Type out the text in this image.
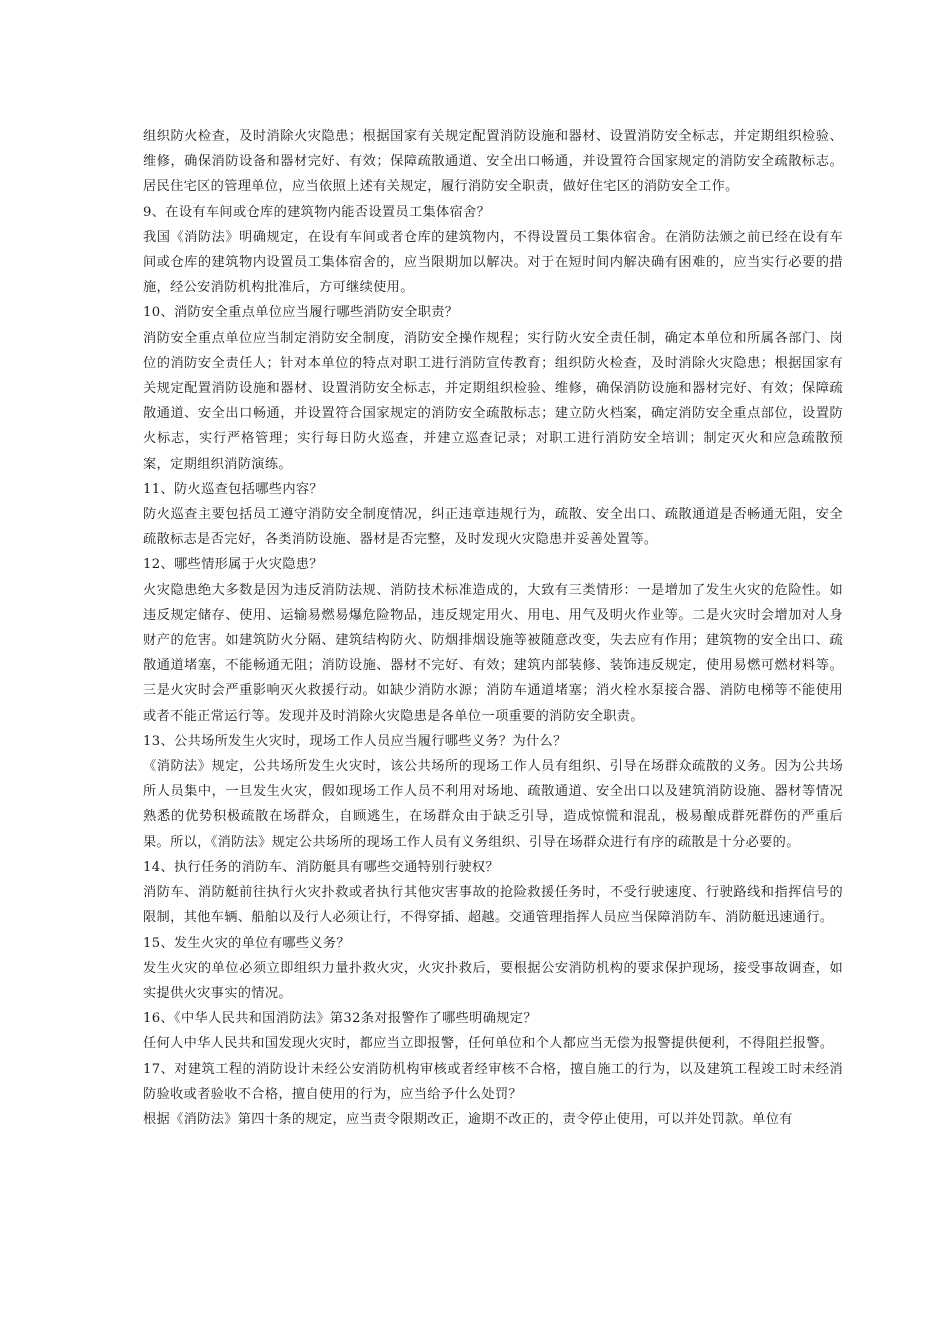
组织防火检查，及时消除火灾隐患；根据国家有关规定配置消防设施和器材、设置消防安全标志，并定期组织检验、维修，确保消防设备和器材完好、有效；保障疏散通道、安全出口畅通，并设置符合国家规定的消防安全疏散标志。居民住宅区的管理单位，应当依照上述有关规定，履行消防安全职责，做好住宅区的消防安全工作。

9、在设有车间或仓库的建筑物内能否设置员工集体宿舍？

我国《消防法》明确规定，在设有车间或者仓库的建筑物内，不得设置员工集体宿舍。在消防法颁之前已经在设有车间或仓库的建筑物内设置员工集体宿舍的，应当限期加以解决。对于在短时间内解决确有困难的，应当实行必要的措施，经公安消防机构批准后，方可继续使用。

10、消防安全重点单位应当履行哪些消防安全职责？

消防安全重点单位应当制定消防安全制度，消防安全操作规程；实行防火安全责任制，确定本单位和所属各部门、岗位的消防安全责任人；针对本单位的特点对职工进行消防宣传教育；组织防火检查，及时消除火灾隐患；根据国家有关规定配置消防设施和器材、设置消防安全标志，并定期组织检验、维修，确保消防设施和器材完好、有效；保障疏散通道、安全出口畅通，并设置符合国家规定的消防安全疏散标志；建立防火档案，确定消防安全重点部位，设置防火标志，实行严格管理；实行每日防火巡查，并建立巡查记录；对职工进行消防安全培训；制定灭火和应急疏散预案，定期组织消防演练。

11、防火巡查包括哪些内容？

防火巡查主要包括员工遵守消防安全制度情况，纠正违章违规行为，疏散、安全出口、疏散通道是否畅通无阻，安全疏散标志是否完好，各类消防设施、器材是否完整，及时发现火灾隐患并妥善处置等。

12、哪些情形属于火灾隐患？

火灾隐患绝大多数是因为违反消防法规、消防技术标准造成的，大致有三类情形：一是增加了发生火灾的危险性。如违反规定储存、使用、运输易燃易爆危险物品，违反规定用火、用电、用气及明火作业等。二是火灾时会增加对人身财产的危害。如建筑防火分隔、建筑结构防火、防烟排烟设施等被随意改变，失去应有作用；建筑物的安全出口、疏散通道堵塞，不能畅通无阻；消防设施、器材不完好、有效；建筑内部装修、装饰违反规定，使用易燃可燃材料等。三是火灾时会严重影响灭火救援行动。如缺少消防水源；消防车通道堵塞；消火栓水泵接合器、消防电梯等不能使用或者不能正常运行等。发现并及时消除火灾隐患是各单位一项重要的消防安全职责。

13、公共场所发生火灾时，现场工作人员应当履行哪些义务？为什么？

《消防法》规定，公共场所发生火灾时，该公共场所的现场工作人员有组织、引导在场群众疏散的义务。因为公共场所人员集中，一旦发生火灾，假如现场工作人员不利用对场地、疏散通道、安全出口以及建筑消防设施、器材等情况熟悉的优势积极疏散在场群众，自顾逃生，在场群众由于缺乏引导，造成惊慌和混乱，极易酿成群死群伤的严重后果。所以，《消防法》规定公共场所的现场工作人员有义务组织、引导在场群众进行有序的疏散是十分必要的。

14、执行任务的消防车、消防艇具有哪些交通特别行驶权？

消防车、消防艇前往执行火灾扑救或者执行其他灾害事故的抢险救援任务时，不受行驶速度、行驶路线和指挥信号的限制，其他车辆、船舶以及行人必须让行，不得穿插、超越。交通管理指挥人员应当保障消防车、消防艇迅速通行。

15、发生火灾的单位有哪些义务？

发生火灾的单位必须立即组织力量扑救火灾，火灾扑救后，要根据公安消防机构的要求保护现场，接受事故调查，如实提供火灾事实的情况。

16、《中华人民共和国消防法》第32条对报警作了哪些明确规定？

任何人中华人民共和国发现火灾时，都应当立即报警，任何单位和个人都应当无偿为报警提供便利，不得阻拦报警。

17、对建筑工程的消防设计未经公安消防机构审核或者经审核不合格，擅自施工的行为，以及建筑工程竣工时未经消防验收或者验收不合格，擅自使用的行为，应当给予什么处罚？

根据《消防法》第四十条的规定，应当责令限期改正，逾期不改正的，责令停止使用，可以并处罚款。单位有
